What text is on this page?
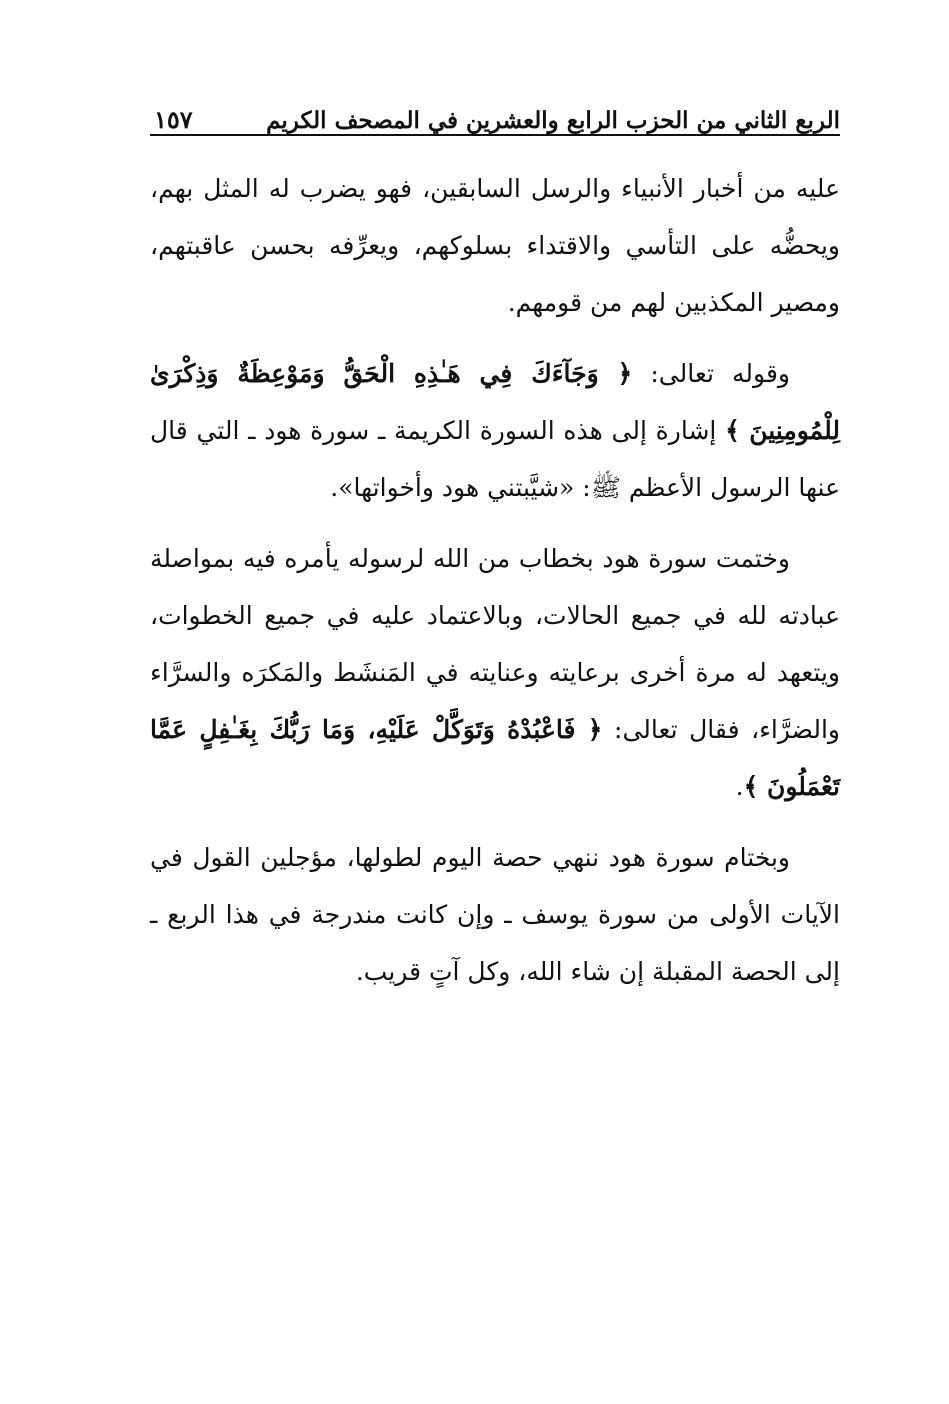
الربع الثاني من الحزب الرابع والعشرين في المصحف الكريم
١٥٧

عليه من أخبار الأنبياء والرسل السابقين، فهو يضرب له المثل بهم، ويحضُّه على التأسي والاقتداء بسلوكهم، ويعرِّفه بحسن عاقبتهم، ومصير المكذبين لهم من قومهم.

وقوله تعالى: ﴿ وَجَآءَكَ فِي هَـٰذِهِ الْحَقُّ وَمَوْعِظَةٌ وَذِكْرَىٰ لِلْمُومِنِينَ ﴾ إشارة إلى هذه السورة الكريمة ـ سورة هود ـ التي قال عنها الرسول الأعظم ﷺ: «شيَّبتني هود وأخواتها».

وختمت سورة هود بخطاب من الله لرسوله يأمره فيه بمواصلة عبادته لله في جميع الحالات، وبالاعتماد عليه في جميع الخطوات، ويتعهد له مرة أخرى برعايته وعنايته في المَنشَط والمَكرَه والسرَّاء والضرَّاء، فقال تعالى: ﴿ فَاعْبُدْهُ وَتَوَكَّلْ عَلَيْهِ، وَمَا رَبُّكَ بِغَـٰفِلٍ عَمَّا تَعْمَلُونَ ﴾.

وبختام سورة هود ننهي حصة اليوم لطولها، مؤجلين القول في الآيات الأولى من سورة يوسف ـ وإن كانت مندرجة في هذا الربع ـ إلى الحصة المقبلة إن شاء الله، وكل آتٍ قريب.
